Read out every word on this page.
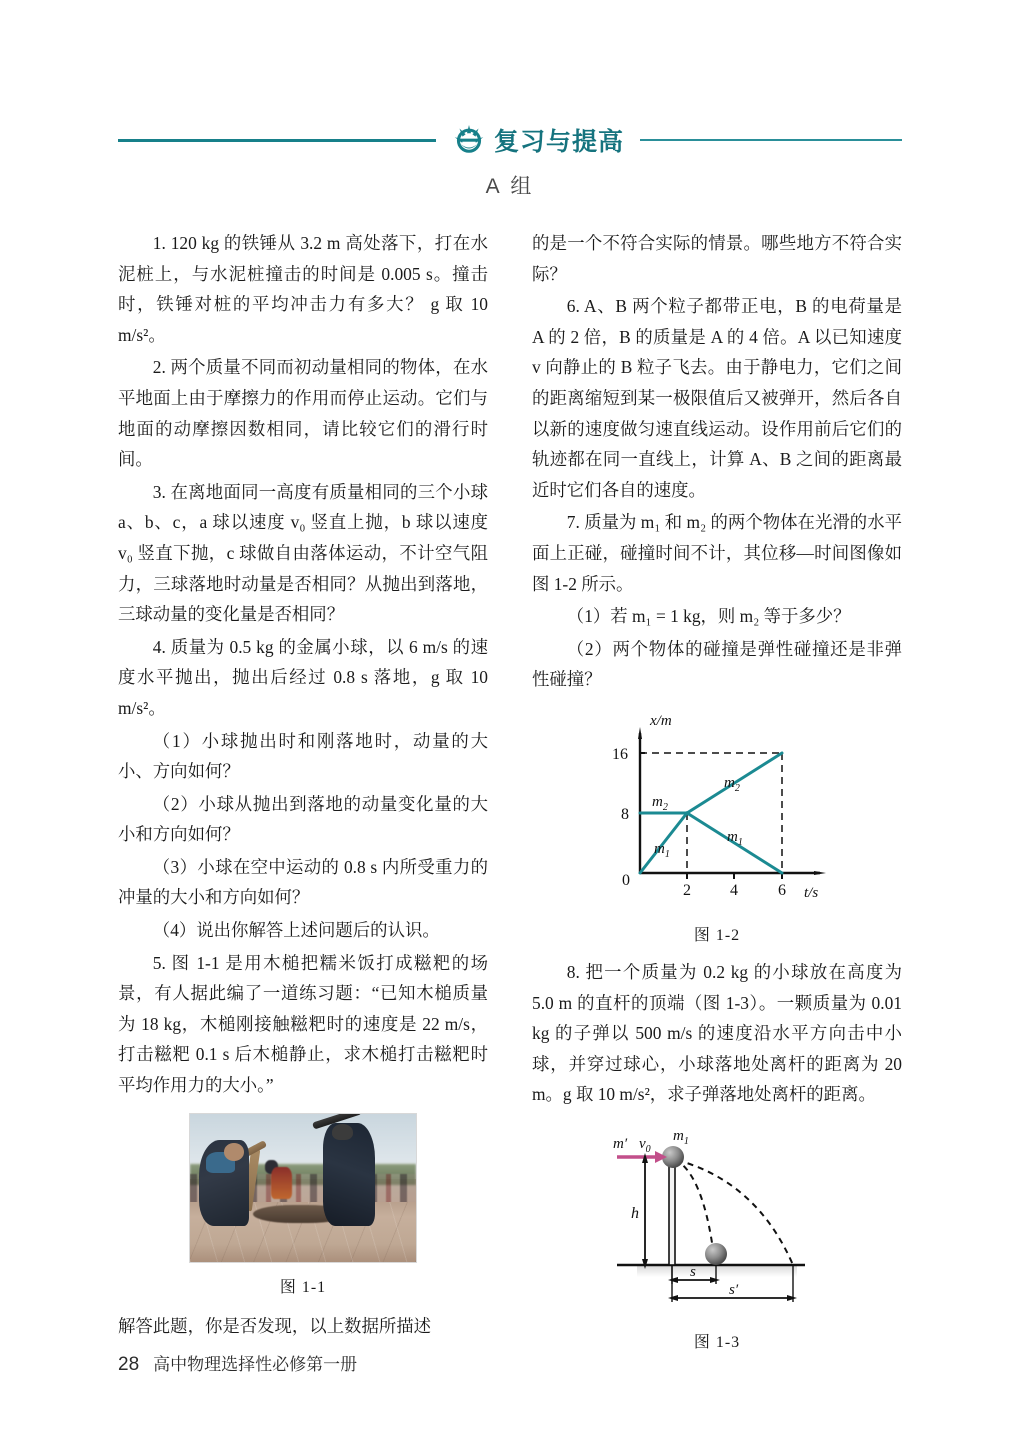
复习与提高
A 组

1. 120 kg 的铁锤从 3.2 m 高处落下，打在水泥桩上，与水泥桩撞击的时间是 0.005 s。撞击时，铁锤对桩的平均冲击力有多大？ g 取 10 m/s²。

2. 两个质量不同而初动量相同的物体，在水平地面上由于摩擦力的作用而停止运动。它们与地面的动摩擦因数相同，请比较它们的滑行时间。

3. 在离地面同一高度有质量相同的三个小球 a、b、c，a 球以速度 v₀ 竖直上抛，b 球以速度 v₀ 竖直下抛，c 球做自由落体运动，不计空气阻力，三球落地时动量是否相同？从抛出到落地，三球动量的变化量是否相同？

4. 质量为 0.5 kg 的金属小球，以 6 m/s 的速度水平抛出，抛出后经过 0.8 s 落地，g 取 10 m/s²。

（1）小球抛出时和刚落地时，动量的大小、方向如何？

（2）小球从抛出到落地的动量变化量的大小和方向如何？

（3）小球在空中运动的 0.8 s 内所受重力的冲量的大小和方向如何？

（4）说出你解答上述问题后的认识。

5. 图 1-1 是用木槌把糯米饭打成糍粑的场景，有人据此编了一道练习题：“已知木槌质量为 18 kg，木槌刚接触糍粑时的速度是 22 m/s，打击糍粑 0.1 s 后木槌静止，求木槌打击糍粑时平均作用力的大小。”

图 1-1

解答此题，你是否发现，以上数据所描述

的是一个不符合实际的情景。哪些地方不符合实际？

6. A、B 两个粒子都带正电，B 的电荷量是 A 的 2 倍，B 的质量是 A 的 4 倍。A 以已知速度 v 向静止的 B 粒子飞去。由于静电力，它们之间的距离缩短到某一极限值后又被弹开，然后各自以新的速度做匀速直线运动。设作用前后它们的轨迹都在同一直线上，计算 A、B 之间的距离最近时它们各自的速度。

7. 质量为 m₁ 和 m₂ 的两个物体在光滑的水平面上正碰，碰撞时间不计，其位移—时间图像如图 1-2 所示。

（1）若 m₁ = 1 kg，则 m₂ 等于多少？

（2）两个物体的碰撞是弹性碰撞还是非弹性碰撞？

x/m
t/s
16
8
0
2 4	6
$m_1$
$m_1$
$m_2$
$m_2$
图 1-2

8. 把一个质量为 0.2 kg 的小球放在高度为 5.0 m 的直杆的顶端（图 1-3）。一颗质量为 0.01 kg 的子弹以 500 m/s 的速度沿水平方向击中小球，并穿过球心，小球落地处离杆的距离为 20 m。g 取 10 m/s²，求子弹落地处离杆的距离。

m′ $v_0$
$m_1$
h
s
s′
图 1-3
28 高中物理选择性必修第一册
